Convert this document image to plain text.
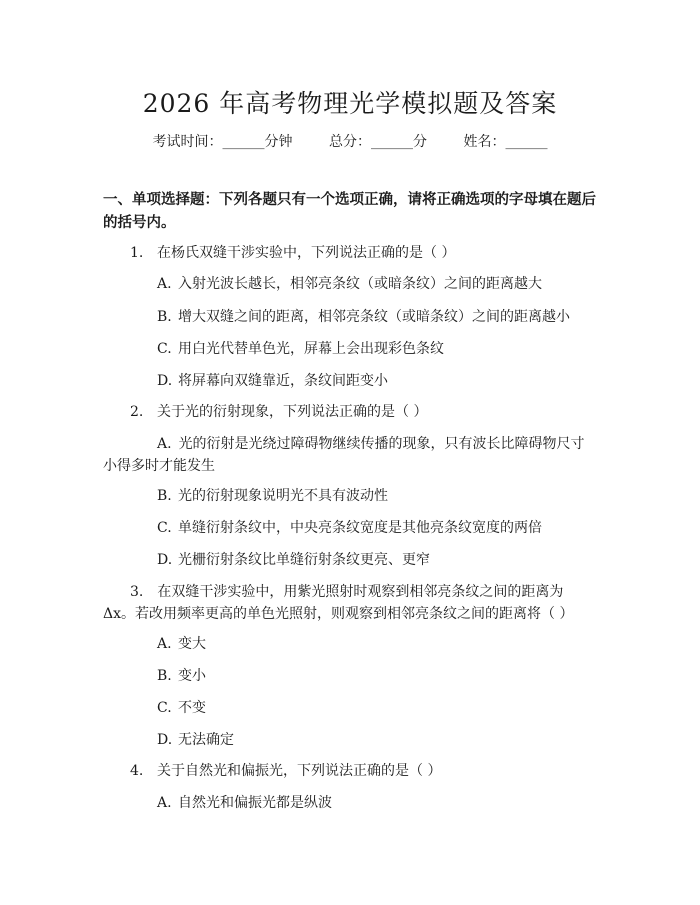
2026 年高考物理光学模拟题及答案
考试时间：______分钟	总分：______分	姓名：______
一、单项选择题：下列各题只有一个选项正确，请将正确选项的字母填在题后的括号内。
1. 在杨氏双缝干涉实验中，下列说法正确的是（ ）
A. 入射光波长越长，相邻亮条纹（或暗条纹）之间的距离越大
B. 增大双缝之间的距离，相邻亮条纹（或暗条纹）之间的距离越小
C. 用白光代替单色光，屏幕上会出现彩色条纹
D. 将屏幕向双缝靠近，条纹间距变小
2. 关于光的衍射现象，下列说法正确的是（ ）
A.  光的衍射是光绕过障碍物继续传播的现象，只有波长比障碍物尺寸小得多时才能发生
B. 光的衍射现象说明光不具有波动性
C. 单缝衍射条纹中，中央亮条纹宽度是其他亮条纹宽度的两倍
D. 光栅衍射条纹比单缝衍射条纹更亮、更窄
3.   在双缝干涉实验中，用紫光照射时观察到相邻亮条纹之间的距离为 Δx。若改用频率更高的单色光照射，则观察到相邻亮条纹之间的距离将（ ）
A. 变大
B. 变小
C. 不变
D. 无法确定
4. 关于自然光和偏振光，下列说法正确的是（ ）
A. 自然光和偏振光都是纵波
